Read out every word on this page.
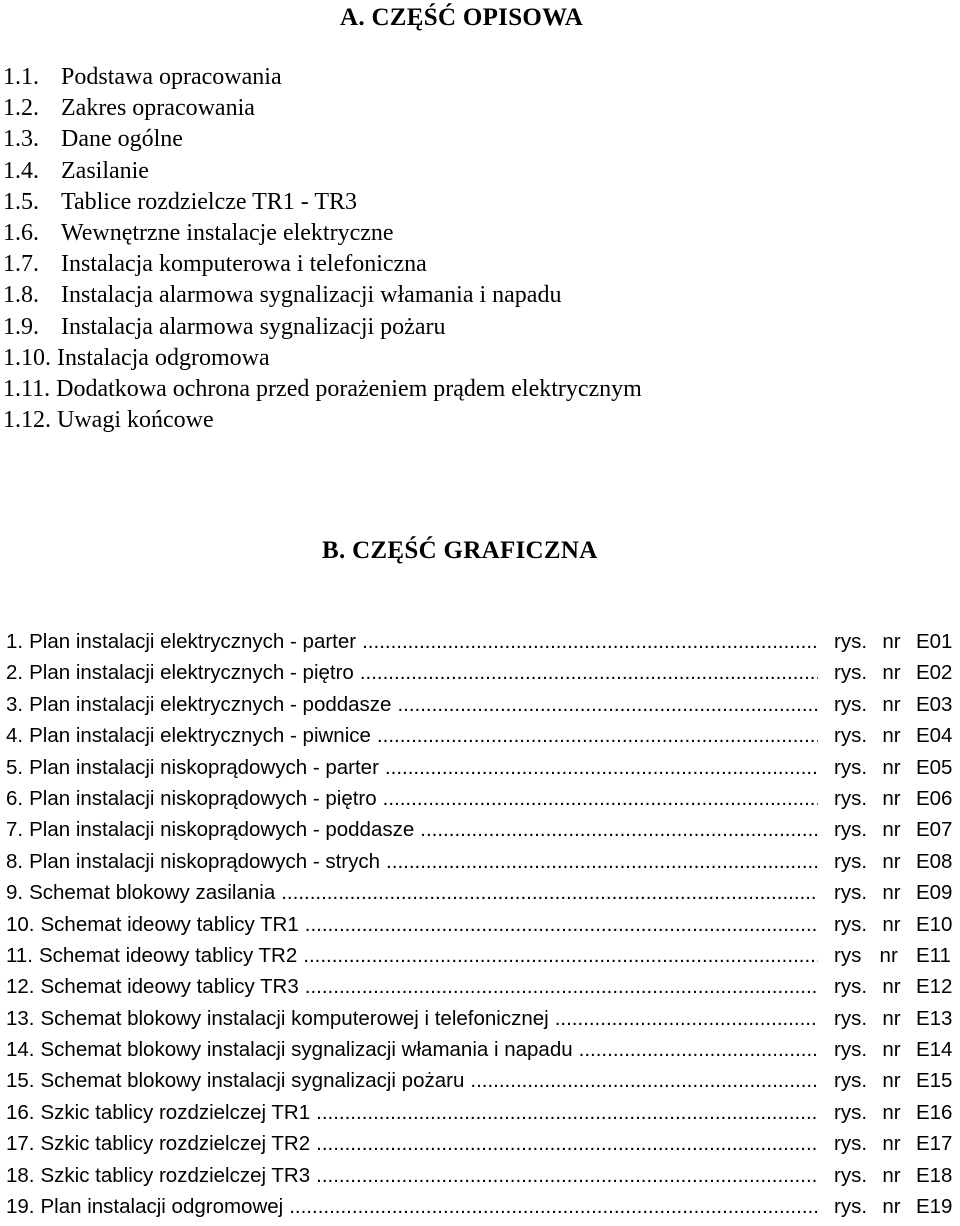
A. CZĘŚĆ OPISOWA
1.1. Podstawa opracowania
1.2. Zakres opracowania
1.3. Dane ogólne
1.4. Zasilanie
1.5. Tablice rozdzielcze TR1 - TR3
1.6. Wewnętrzne instalacje elektryczne
1.7. Instalacja komputerowa i telefoniczna
1.8. Instalacja alarmowa sygnalizacji włamania i napadu
1.9. Instalacja alarmowa sygnalizacji pożaru
1.10. Instalacja odgromowa
1.11. Dodatkowa ochrona przed porażeniem prądem elektrycznym
1.12. Uwagi końcowe
B. CZĘŚĆ GRAFICZNA
1. Plan instalacji elektrycznych - parter .....	rys. nr E01
2. Plan instalacji elektrycznych - piętro .....	rys. nr E02
3. Plan instalacji elektrycznych - poddasze .....	rys. nr E03
4. Plan instalacji elektrycznych - piwnice .....	rys. nr E04
5. Plan instalacji niskoprądowych - parter .....	rys. nr E05
6. Plan instalacji niskoprądowych - piętro .....	rys. nr E06
7. Plan instalacji niskoprądowych - poddasze .....	rys. nr E07
8. Plan instalacji niskoprądowych - strych .....	rys. nr E08
9. Schemat blokowy zasilania .....	rys. nr E09
10. Schemat ideowy tablicy TR1 .....	rys. nr E10
11. Schemat ideowy tablicy TR2 .....	rys nr E11
12. Schemat ideowy tablicy TR3 .....	rys. nr E12
13. Schemat blokowy instalacji komputerowej i telefonicznej .....	rys. nr E13
14. Schemat blokowy instalacji sygnalizacji włamania i napadu .....	rys. nr E14
15. Schemat blokowy instalacji sygnalizacji pożaru .....	rys. nr E15
16. Szkic tablicy rozdzielczej TR1 .....	rys. nr E16
17. Szkic tablicy rozdzielczej TR2 .....	rys. nr E17
18. Szkic tablicy rozdzielczej TR3 .....	rys. nr E18
19. Plan instalacji odgromowej .....	rys. nr E19
